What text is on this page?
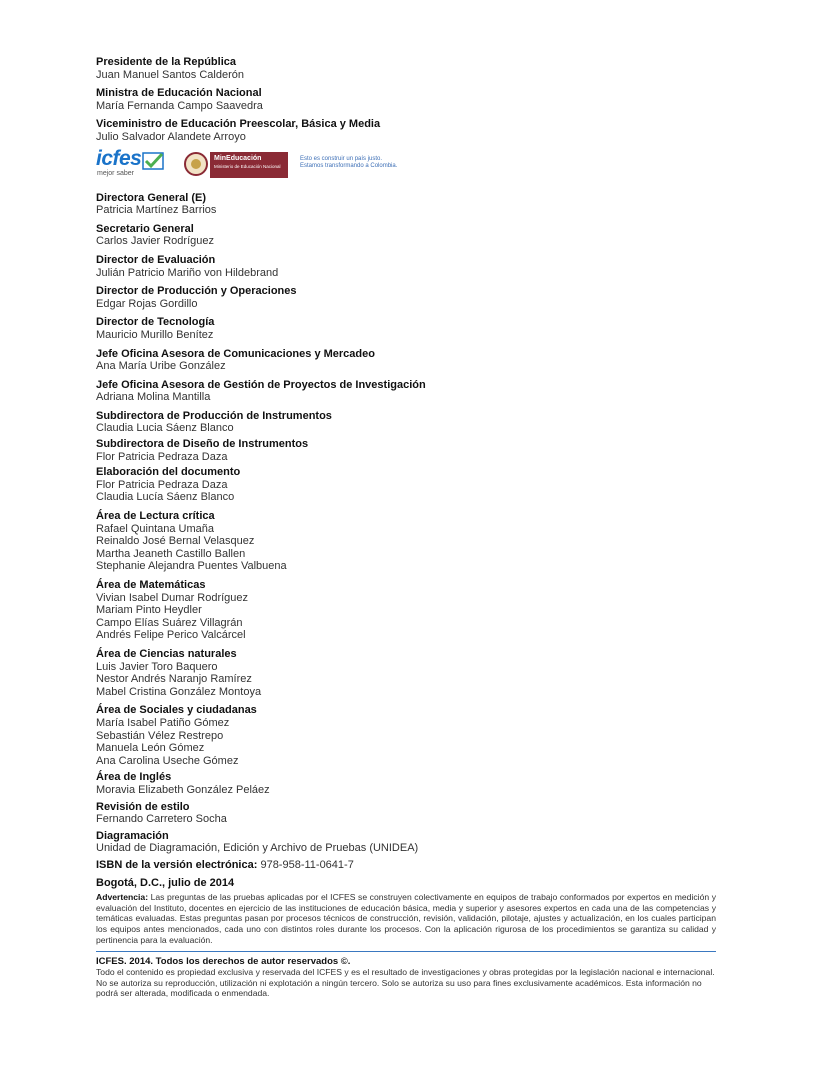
Presidente de la República
Juan Manuel Santos Calderón
Ministra de Educación Nacional
María Fernanda Campo Saavedra
Viceministro de Educación Preescolar, Básica y Media
Julio Salvador Alandete Arroyo
icfes
mejor saber
MinEducación
Ministerio de Educación Nacional
Esto es construir un país justo.
Estamos transformando a Colombia.
Directora General (E)
Patricia Martínez Barrios
Secretario General
Carlos Javier Rodríguez
Director de Evaluación
Julián Patricio Mariño von Hildebrand
Director de Producción y Operaciones
Edgar Rojas Gordillo
Director de Tecnología
Mauricio Murillo Benítez
Jefe Oficina Asesora de Comunicaciones y Mercadeo
Ana María Uribe González
Jefe Oficina Asesora de Gestión de Proyectos de Investigación
Adriana Molina Mantilla
Subdirectora de Producción de Instrumentos
Claudia Lucia Sáenz Blanco
Subdirectora de Diseño de Instrumentos
Flor Patricia Pedraza Daza
Elaboración del documento
Flor Patricia Pedraza Daza
Claudia Lucía Sáenz Blanco
Área de Lectura crítica
Rafael Quintana Umaña
Reinaldo José Bernal Velasquez
Martha Jeaneth Castillo Ballen
Stephanie Alejandra Puentes Valbuena
Área de Matemáticas
Vivian Isabel Dumar Rodríguez
Mariam Pinto Heydler
Campo Elías Suárez Villagrán
Andrés Felipe Perico Valcárcel
Área de Ciencias naturales
Luis Javier Toro Baquero
Nestor Andrés Naranjo Ramírez
Mabel Cristina González Montoya
Área de Sociales y ciudadanas
María Isabel Patiño Gómez
Sebastián Vélez Restrepo
Manuela León Gómez
Ana Carolina Useche Gómez
Área de Inglés
Moravia Elizabeth González Peláez
Revisión de estilo
Fernando Carretero Socha
Diagramación
Unidad de Diagramación, Edición y Archivo de Pruebas (UNIDEA)
ISBN de la versión electrónica: 978-958-11-0641-7
Bogotá, D.C., julio de 2014
Advertencia: Las preguntas de las pruebas aplicadas por el ICFES se construyen colectivamente en equipos de trabajo conformados por expertos en medición y evaluación del Instituto, docentes en ejercicio de las instituciones de educación básica, media y superior y asesores expertos en cada una de las competencias y temáticas evaluadas. Estas preguntas pasan por procesos técnicos de construcción, revisión, validación, pilotaje, ajustes y actualización, en los cuales participan los equipos antes mencionados, cada uno con distintos roles durante los procesos. Con la aplicación rigurosa de los procedimientos se garantiza su calidad y pertinencia para la evaluación.
ICFES. 2014. Todos los derechos de autor reservados ©.
Todo el contenido es propiedad exclusiva y reservada del ICFES y es el resultado de investigaciones y obras protegidas por la legislación nacional e internacional. No se autoriza su reproducción, utilización ni explotación a ningún tercero. Solo se autoriza su uso para fines exclusivamente académicos. Esta información no podrá ser alterada, modificada o enmendada.
